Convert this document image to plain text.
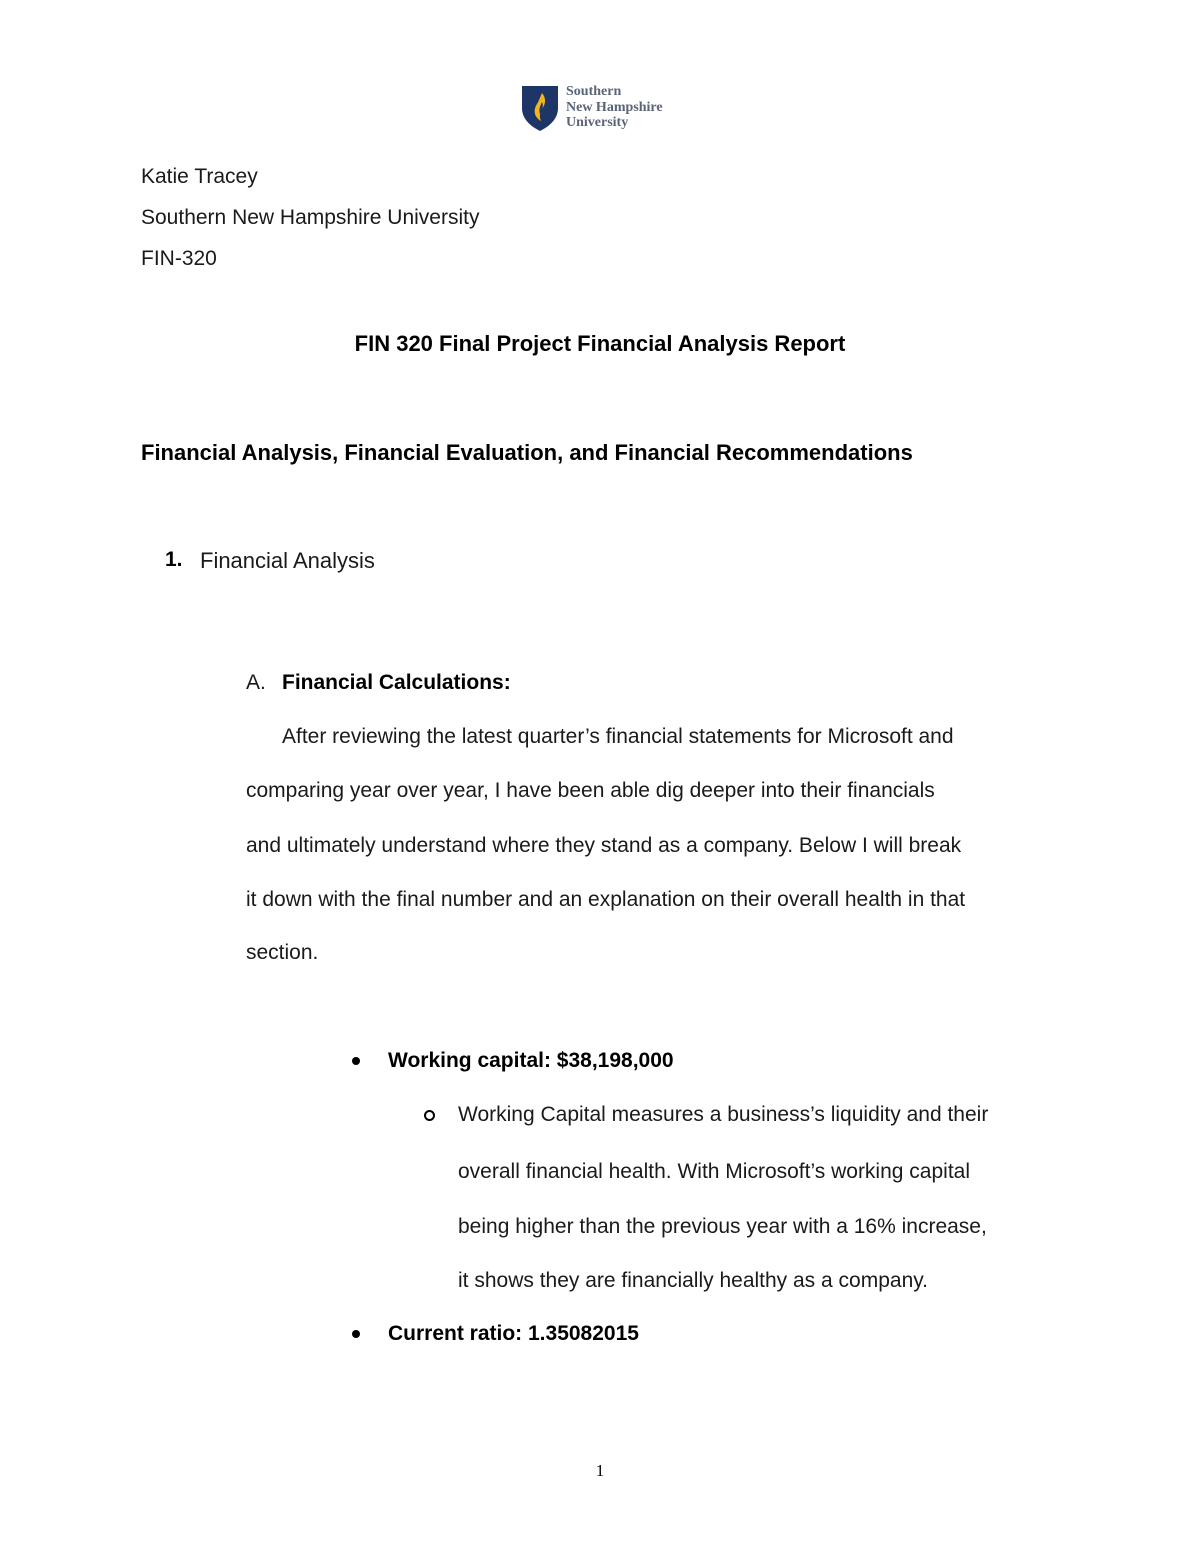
Southern
New Hampshire
University
Katie Tracey
Southern New Hampshire University
FIN-320
FIN 320 Final Project Financial Analysis Report
Financial Analysis, Financial Evaluation, and Financial Recommendations
1. Financial Analysis
A. Financial Calculations:
After reviewing the latest quarter’s financial statements for Microsoft and
comparing year over year, I have been able dig deeper into their financials
and ultimately understand where they stand as a company. Below I will break
it down with the final number and an explanation on their overall health in that
section.
Working capital: $38,198,000
Working Capital measures a business’s liquidity and their
overall financial health. With Microsoft’s working capital
being higher than the previous year with a 16% increase,
it shows they are financially healthy as a company.
Current ratio: 1.35082015
1
